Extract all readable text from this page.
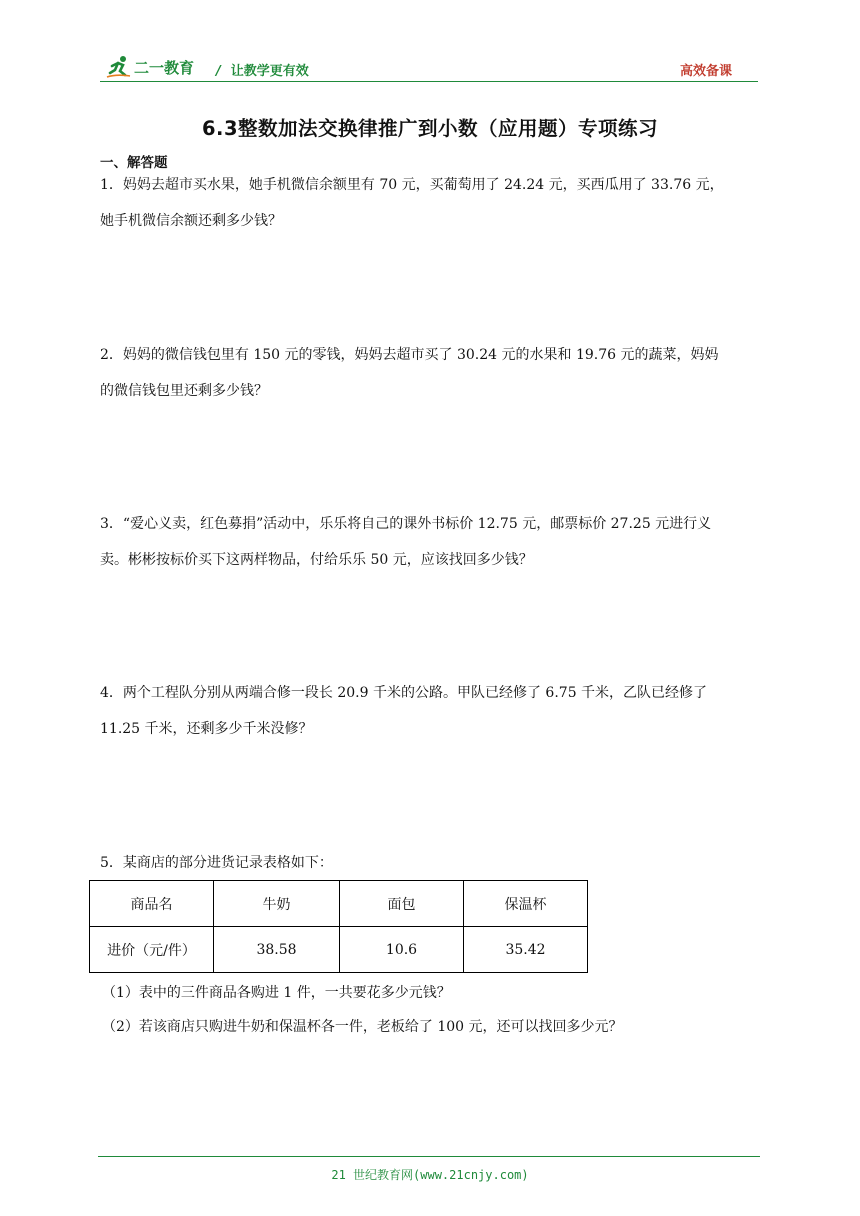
二一教育 / 让教学更有效	高效备课
6.3整数加法交换律推广到小数（应用题）专项练习
一、解答题
1．妈妈去超市买水果，她手机微信余额里有 70 元，买葡萄用了 24.24 元，买西瓜用了 33.76 元，
她手机微信余额还剩多少钱？
2．妈妈的微信钱包里有 150 元的零钱，妈妈去超市买了 30.24 元的水果和 19.76 元的蔬菜，妈妈
的微信钱包里还剩多少钱？
3．“爱心义卖，红色募捐”活动中，乐乐将自己的课外书标价 12.75 元，邮票标价 27.25 元进行义
卖。彬彬按标价买下这两样物品，付给乐乐 50 元，应该找回多少钱？
4．两个工程队分别从两端合修一段长 20.9 千米的公路。甲队已经修了 6.75 千米，乙队已经修了
11.25 千米，还剩多少千米没修？
5．某商店的部分进货记录表格如下：
商品名	牛奶	面包	保温杯
进价（元/件）	38.58	10.6	35.42
（1）表中的三件商品各购进 1 件，一共要花多少元钱？
（2）若该商店只购进牛奶和保温杯各一件，老板给了 100 元，还可以找回多少元？
21 世纪教育网(www.21cnjy.com)
